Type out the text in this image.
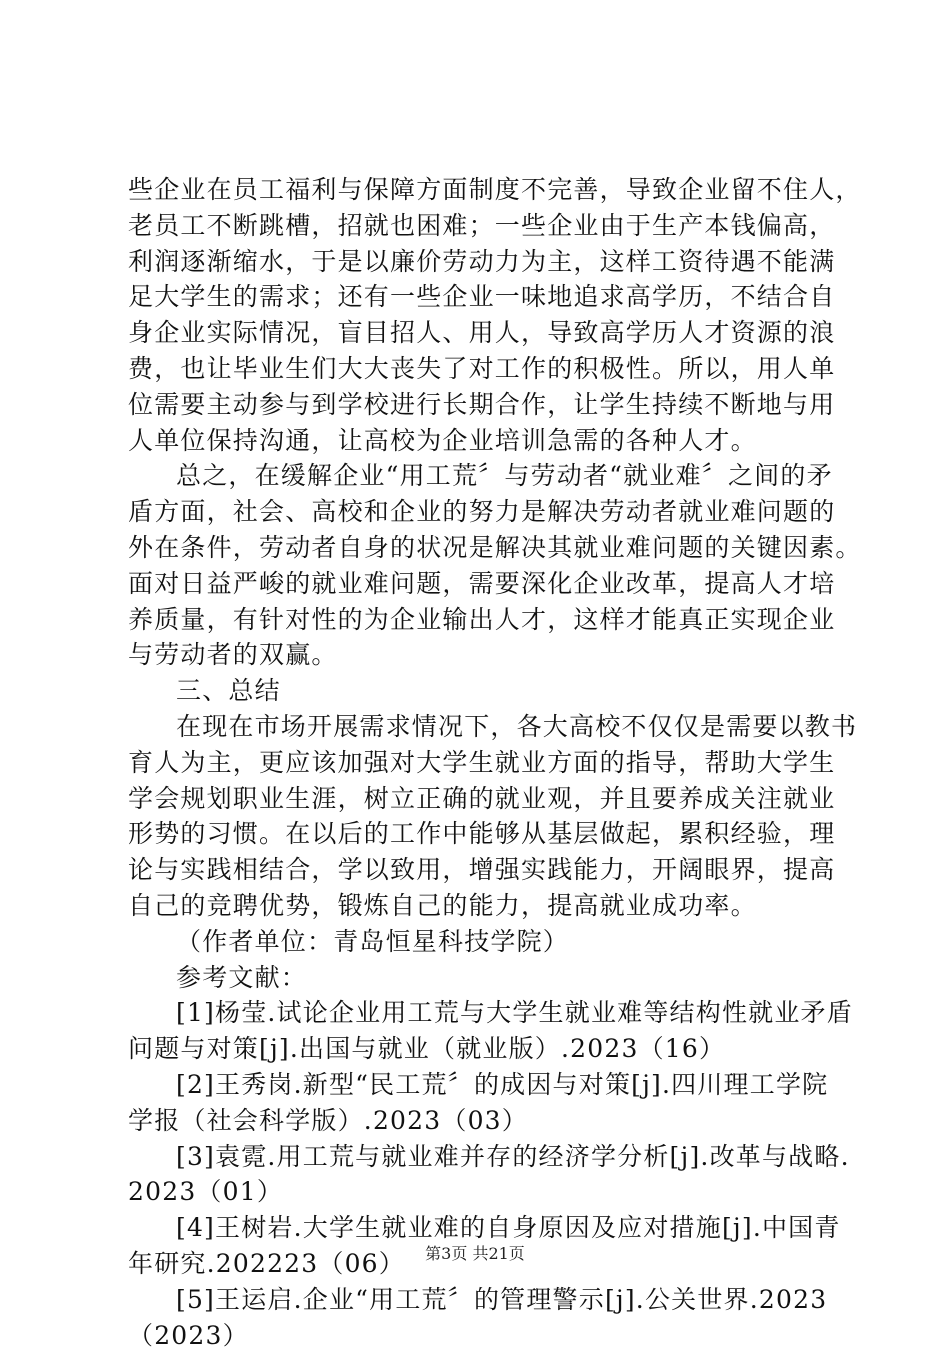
些企业在员工福利与保障方面制度不完善，导致企业留不住人，
老员工不断跳槽，招就也困难；一些企业由于生产本钱偏高，
利润逐渐缩水，于是以廉价劳动力为主，这样工资待遇不能满
足大学生的需求；还有一些企业一味地追求高学历，不结合自
身企业实际情况，盲目招人、用人，导致高学历人才资源的浪
费，也让毕业生们大大丧失了对工作的积极性。所以，用人单
位需要主动参与到学校进行长期合作，让学生持续不断地与用
人单位保持沟通，让高校为企业培训急需的各种人才。
总之，在缓解企业“用工荒〞与劳动者“就业难〞之间的矛
盾方面，社会、高校和企业的努力是解决劳动者就业难问题的
外在条件，劳动者自身的状况是解决其就业难问题的关键因素。
面对日益严峻的就业难问题，需要深化企业改革，提高人才培
养质量，有针对性的为企业输出人才，这样才能真正实现企业
与劳动者的双赢。
三、总结
在现在市场开展需求情况下，各大高校不仅仅是需要以教书
育人为主，更应该加强对大学生就业方面的指导，帮助大学生
学会规划职业生涯，树立正确的就业观，并且要养成关注就业
形势的习惯。在以后的工作中能够从基层做起，累积经验，理
论与实践相结合，学以致用，增强实践能力，开阔眼界，提高
自己的竞聘优势，锻炼自己的能力，提高就业成功率。
（作者单位：青岛恒星科技学院）
参考文献：
[1]杨莹.试论企业用工荒与大学生就业难等结构性就业矛盾
问题与对策[j].出国与就业（就业版）.2023（16）
[2]王秀岗.新型“民工荒〞的成因与对策[j].四川理工学院
学报（社会科学版）.2023（03）
[3]袁霓.用工荒与就业难并存的经济学分析[j].改革与战略.
2023（01）
[4]王树岩.大学生就业难的自身原因及应对措施[j].中国青
年研究.202223（06）
[5]王运启.企业“用工荒〞的管理警示[j].公关世界.2023
（2023）
第3页 共21页
